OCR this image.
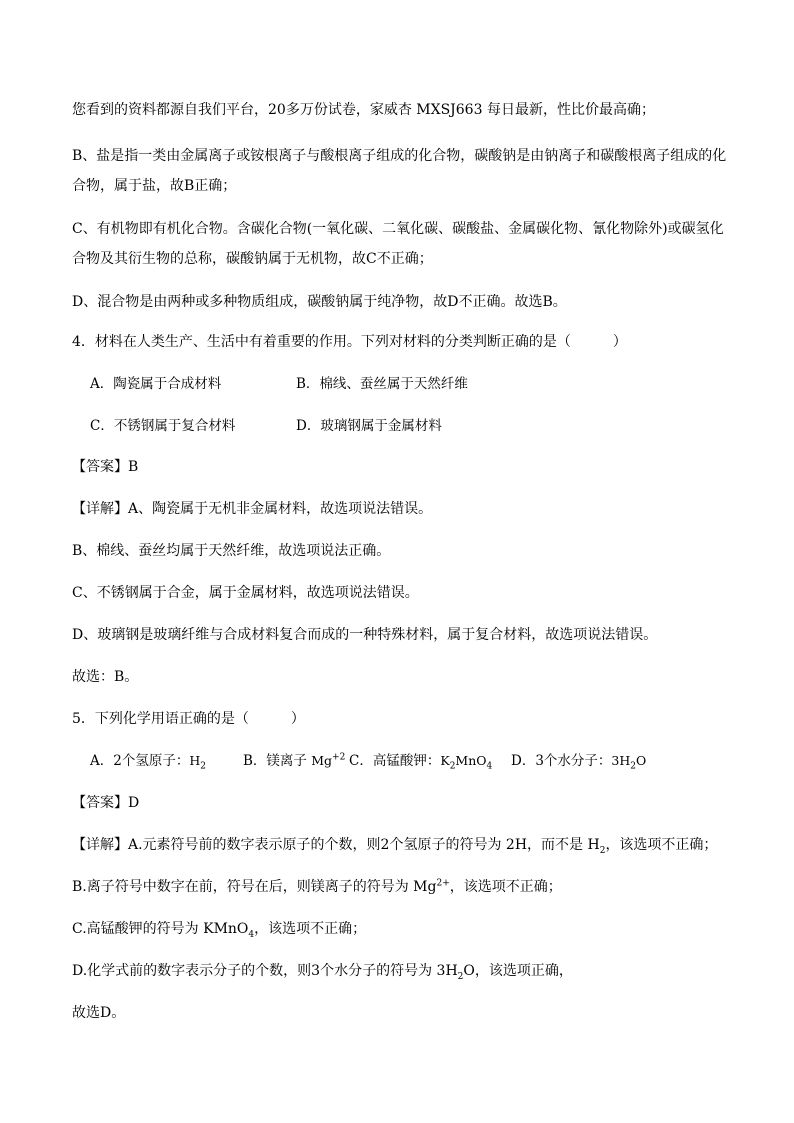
您看到的资料都源自我们平台，20多万份试卷，家威杏 MXSJ663 每日最新，性比价最高确；
B、盐是指一类由金属离子或铵根离子与酸根离子组成的化合物，碳酸钠是由钠离子和碳酸根离子组成的化
合物，属于盐，故B正确；
C、有机物即有机化合物。含碳化合物(一氧化碳、二氧化碳、碳酸盐、金属碳化物、氰化物除外)或碳氢化
合物及其衍生物的总称，碳酸钠属于无机物，故C不正确；
D、混合物是由两种或多种物质组成，碳酸钠属于纯净物，故D不正确。故选B。
4．材料在人类生产、生活中有着重要的作用。下列对材料的分类判断正确的是（　　　）
A．陶瓷属于合成材料	B．棉线、蚕丝属于天然纤维
C．不锈钢属于复合材料	D．玻璃钢属于金属材料
【答案】B
【详解】A、陶瓷属于无机非金属材料，故选项说法错误。
B、棉线、蚕丝均属于天然纤维，故选项说法正确。
C、不锈钢属于合金，属于金属材料，故选项说法错误。
D、玻璃钢是玻璃纤维与合成材料复合而成的一种特殊材料，属于复合材料，故选项说法错误。
故选：B。
5．下列化学用语正确的是（　　　）
A．2个氢原子：$H_2$	B．镁离子 $Mg^{+2}$ C．高锰酸钾：$K_2MnO_4$ D．3个水分子：$3H_2O$
【答案】D
【详解】A.元素符号前的数字表示原子的个数，则2个氢原子的符号为 2H，而不是 $H_2$，该选项不正确；
B.离子符号中数字在前，符号在后，则镁离子的符号为 $Mg^{2+}$，该选项不正确；
C.高锰酸钾的符号为 KMnO$_4$，该选项不正确；
D.化学式前的数字表示分子的个数，则3个水分子的符号为 $3H_2O$，该选项正确，
故选D。
